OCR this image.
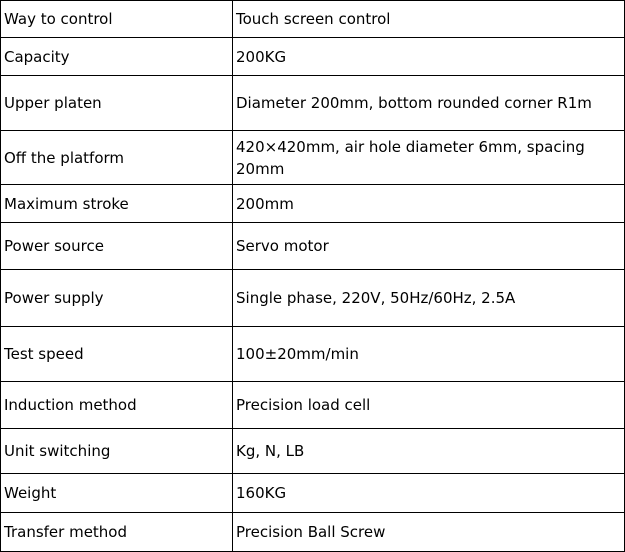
Way to control	Touch screen control
Capacity	200KG
Upper platen	Diameter 200mm, bottom rounded corner R1m
Off the platform	420×420mm, air hole diameter 6mm, spacing 20mm
Maximum stroke	200mm
Power source	Servo motor
Power supply	Single phase, 220V, 50Hz/60Hz, 2.5A
Test speed	100±20mm/min
Induction method	Precision load cell
Unit switching	Kg, N, LB
Weight	160KG
Transfer method	Precision Ball Screw
